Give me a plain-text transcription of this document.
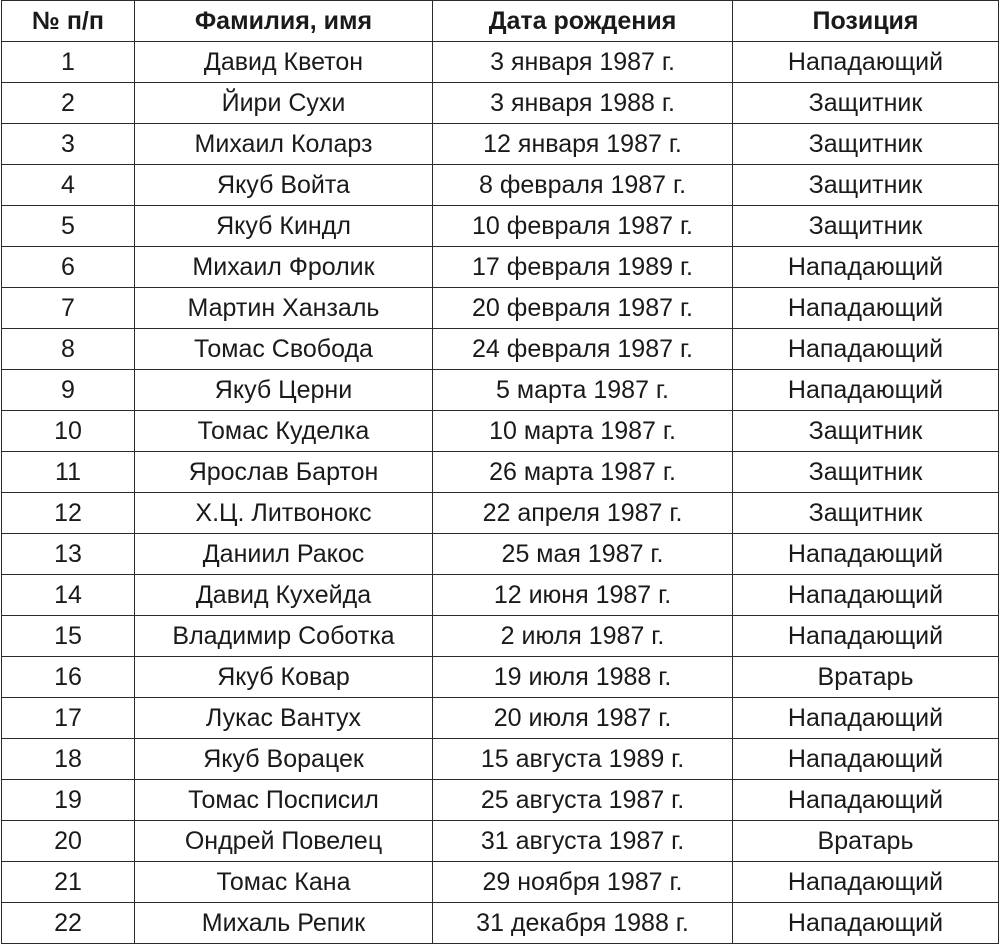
№ п/п	Фамилия, имя	Дата рождения	Позиция
1	Давид Кветон	3 января 1987 г.	Нападающий
2	Йири Сухи	3 января 1988 г.	Защитник
3	Михаил Коларз	12 января 1987 г.	Защитник
4	Якуб Войта	8 февраля 1987 г.	Защитник
5	Якуб Киндл	10 февраля 1987 г.	Защитник
6	Михаил Фролик	17 февраля 1989 г.	Нападающий
7	Мартин Ханзаль	20 февраля 1987 г.	Нападающий
8	Томас Свобода	24 февраля 1987 г.	Нападающий
9	Якуб Церни	5 марта 1987 г.	Нападающий
10	Томас Куделка	10 марта 1987 г.	Защитник
11	Ярослав Бартон	26 марта 1987 г.	Защитник
12	Х.Ц. Литвонокс	22 апреля 1987 г.	Защитник
13	Даниил Ракос	25 мая 1987 г.	Нападающий
14	Давид Кухейда	12 июня 1987 г.	Нападающий
15	Владимир Соботка	2 июля 1987 г.	Нападающий
16	Якуб Ковар	19 июля 1988 г.	Вратарь
17	Лукас Вантух	20 июля 1987 г.	Нападающий
18	Якуб Ворацек	15 августа 1989 г.	Нападающий
19	Томас Посписил	25 августа 1987 г.	Нападающий
20	Ондрей Повелец	31 августа 1987 г.	Вратарь
21	Томас Кана	29 ноября 1987 г.	Нападающий
22	Михаль Репик	31 декабря 1988 г.	Нападающий
